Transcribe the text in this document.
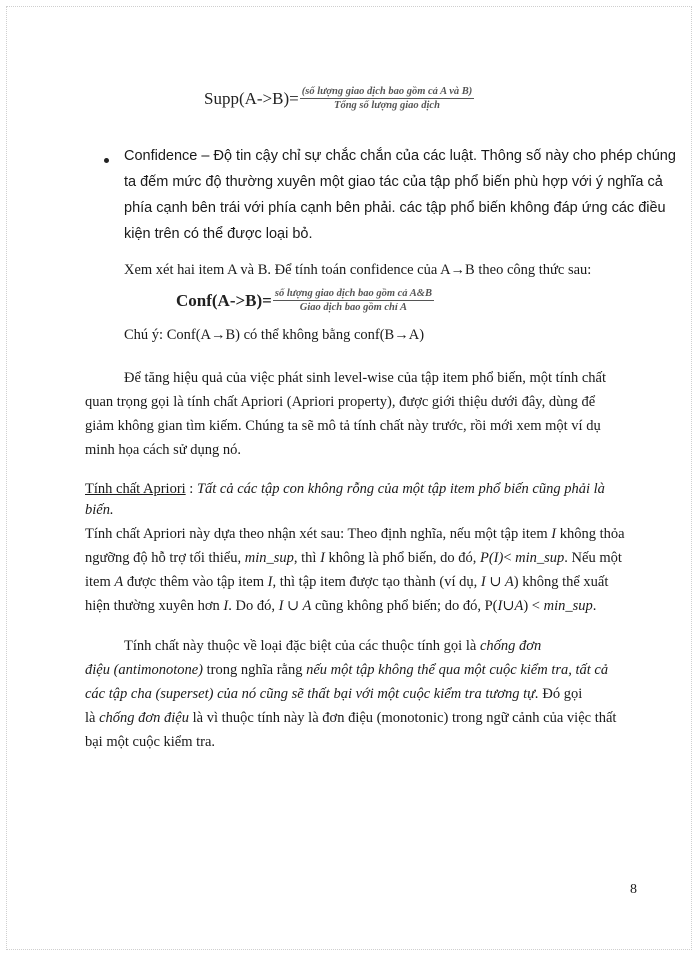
Supp(A->B)= $\frac{\text{(số lượng giao dịch bao gồm cả A và B)}}{\text{Tổng số lượng giao dịch}}$
Confidence – Độ tin cậy chỉ sự chắc chắn của các luật. Thông số này cho phép chúng
ta đếm mức độ thường xuyên một giao tác của tập phổ biến phù hợp với ý nghĩa cả
phía cạnh bên trái với phía cạnh bên phải. các tập phổ biến không đáp ứng các điều
kiện trên có thể được loại bỏ.
Xem xét hai item A và B. Để tính toán confidence của A→B theo công thức sau:
Conf(A->B)= $\frac{\text{số lượng giao dịch bao gồm cả A\&B}}{\text{Giao dịch bao gồm chỉ A}}$
Chú ý: Conf(A→B) có thể không bằng conf(B→A)
Để tăng hiệu quả của việc phát sinh level-wise của tập item phổ biến, một tính chất
quan trọng gọi là tính chất Apriori (Apriori property), được giới thiệu dưới đây, dùng để
giảm không gian tìm kiếm. Chúng ta sẽ mô tả tính chất này trước, rồi mới xem một ví dụ
minh họa cách sử dụng nó.
Tính chất Apriori : Tất cả các tập con không rỗng của một tập item phổ biến cũng phải là
biến.
Tính chất Apriori này dựa theo nhận xét sau: Theo định nghĩa, nếu một tập item I không thỏa
ngưỡng độ hỗ trợ tối thiểu, min_sup, thì I không là phổ biến, do đó, P(I)< min_sup. Nếu một
item A được thêm vào tập item I, thì tập item được tạo thành (ví dụ, I ∪ A) không thể xuất
hiện thường xuyên hơn I. Do đó, I ∪ A cũng không phổ biến; do đó, P(I∪A) < min_sup.
Tính chất này thuộc về loại đặc biệt của các thuộc tính gọi là chống đơn
điệu (antimonotone) trong nghĩa rằng nếu một tập không thể qua một cuộc kiểm tra, tất cả
các tập cha (superset) của nó cũng sẽ thất bại với một cuộc kiểm tra tương tự. Đó gọi
là chống đơn điệu là vì thuộc tính này là đơn điệu (monotonic) trong ngữ cảnh của việc thất
bại một cuộc kiểm tra.
8
